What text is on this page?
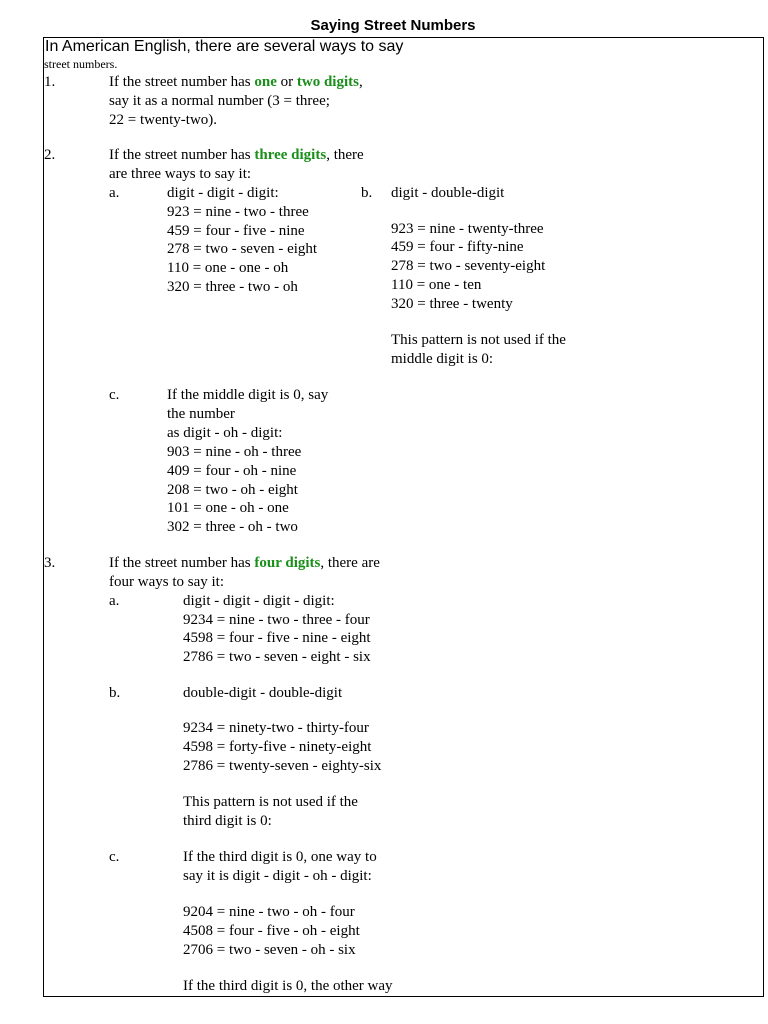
Saying Street Numbers
In American English, there are several ways to say
street numbers.
1.	If the street number has one or two digits,
say it as a normal number (3 = three;
22 = twenty-two).
2.	If the street number has three digits, there
are three ways to say it:
a.	digit - digit - digit:
923 = nine - two - three
459 = four - five - nine
278 = two - seven - eight
110 = one - one - oh
320 = three - two - oh
b. digit - double-digit
923 = nine - twenty-three
459 = four - fifty-nine
278 = two - seventy-eight
110 = one - ten
320 = three - twenty
This pattern is not used if the
middle digit is 0:
c.	If the middle digit is 0, say
the number
as digit - oh - digit:
903 = nine - oh - three
409 = four - oh - nine
208 = two - oh - eight
101 = one - oh - one
302 = three - oh - two
3.	If the street number has four digits, there are
four ways to say it:
a.	digit - digit - digit - digit:
9234 = nine - two - three - four
4598 = four - five - nine - eight
2786 = two - seven - eight - six
b.	double-digit - double-digit
9234 = ninety-two - thirty-four
4598 = forty-five - ninety-eight
2786 = twenty-seven - eighty-six
This pattern is not used if the
third digit is 0:
c.	If the third digit is 0, one way to
say it is digit - digit - oh - digit:
9204 = nine - two - oh - four
4508 = four - five - oh - eight
2706 = two - seven - oh - six
If the third digit is 0, the other way
